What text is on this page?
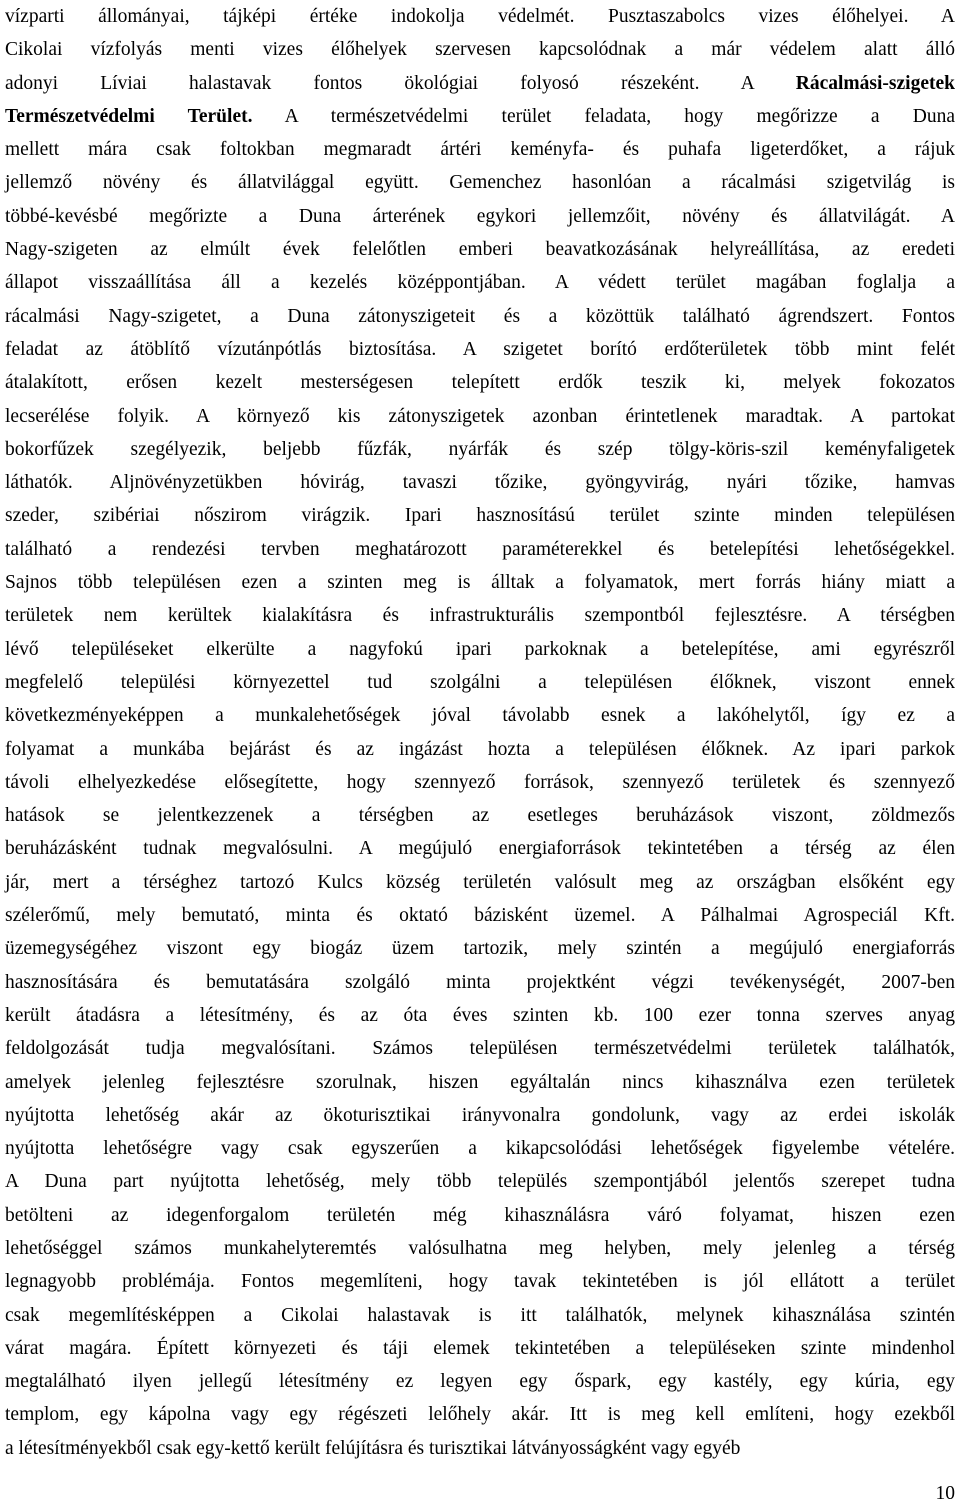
vízparti állományai, tájképi értéke indokolja védelmét. Pusztaszabolcs vizes élőhelyei. A
Cikolai vízfolyás menti vizes élőhelyek szervesen kapcsolódnak a már védelem alatt álló
adonyi Líviai halastavak fontos ökológiai folyosó részeként. A Rácalmási-szigetek
Természetvédelmi Terület. A természetvédelmi terület feladata, hogy megőrizze a Duna
mellett mára csak foltokban megmaradt ártéri keményfa- és puhafa ligeterdőket, a rájuk
jellemző növény és állatvilággal együtt. Gemenchez hasonlóan a rácalmási szigetvilág is
többé-kevésbé megőrizte a Duna árterének egykori jellemzőit, növény és állatvilágát. A
Nagy-szigeten az elmúlt évek felelőtlen emberi beavatkozásának helyreállítása, az eredeti
állapot visszaállítása áll a kezelés középpontjában. A védett terület magában foglalja a
rácalmási Nagy-szigetet, a Duna zátonyszigeteit és a közöttük található ágrendszert. Fontos
feladat az átöblítő vízutánpótlás biztosítása. A szigetet borító erdőterületek több mint felét
átalakított, erősen kezelt mesterségesen telepített erdők teszik ki, melyek fokozatos
lecserélése folyik. A környező kis zátonyszigetek azonban érintetlenek maradtak. A partokat
bokorfűzek szegélyezik, beljebb fűzfák, nyárfák és szép tölgy-köris-szil keményfaligetek
láthatók. Aljnövényzetükben hóvirág, tavaszi tőzike, gyöngyvirág, nyári tőzike, hamvas
szeder, szibériai nőszirom virágzik. Ipari hasznosítású terület szinte minden településen
található a rendezési tervben meghatározott paraméterekkel és betelepítési lehetőségekkel.
Sajnos több településen ezen a szinten meg is álltak a folyamatok, mert forrás hiány miatt a
területek nem kerültek kialakításra és infrastrukturális szempontból fejlesztésre. A térségben
lévő településeket elkerülte a nagyfokú ipari parkoknak a betelepítése, ami egyrészről
megfelelő települési környezettel tud szolgálni a településen élőknek, viszont ennek
következményeképpen a munkalehetőségek jóval távolabb esnek a lakóhelytől, így ez a
folyamat a munkába bejárást és az ingázást hozta a településen élőknek. Az ipari parkok
távoli elhelyezkedése elősegítette, hogy szennyező források, szennyező területek és szennyező
hatások se jelentkezzenek a térségben az esetleges beruházások viszont, zöldmezős
beruházásként tudnak megvalósulni. A megújuló energiaforrások tekintetében a térség az élen
jár, mert a térséghez tartozó Kulcs község területén valósult meg az országban elsőként egy
szélerőmű, mely bemutató, minta és oktató bázisként üzemel. A Pálhalmai Agrospeciál Kft.
üzemegységéhez viszont egy biogáz üzem tartozik, mely szintén a megújuló energiaforrás
hasznosítására és bemutatására szolgáló minta projektként végzi tevékenységét, 2007-ben
került átadásra a létesítmény, és az óta éves szinten kb. 100 ezer tonna szerves anyag
feldolgozását tudja megvalósítani. Számos településen természetvédelmi területek találhatók,
amelyek jelenleg fejlesztésre szorulnak, hiszen egyáltalán nincs kihasználva ezen területek
nyújtotta lehetőség akár az ökoturisztikai irányvonalra gondolunk, vagy az erdei iskolák
nyújtotta lehetőségre vagy csak egyszerűen a kikapcsolódási lehetőségek figyelembe vételére.
A Duna part nyújtotta lehetőség, mely több település szempontjából jelentős szerepet tudna
betölteni az idegenforgalom területén még kihasználásra váró folyamat, hiszen ezen
lehetőséggel számos munkahelyteremtés valósulhatna meg helyben, mely jelenleg a térség
legnagyobb problémája. Fontos megemlíteni, hogy tavak tekintetében is jól ellátott a terület
csak megemlítésképpen a Cikolai halastavak is itt találhatók, melynek kihasználása szintén
várat magára. Épített környezeti és táji elemek tekintetében a településeken szinte mindenhol
megtalálható ilyen jellegű létesítmény ez legyen egy őspark, egy kastély, egy kúria, egy
templom, egy kápolna vagy egy régészeti lelőhely akár. Itt is meg kell említeni, hogy ezekből
a létesítményekből csak egy-kettő került felújításra és turisztikai látványosságként vagy egyéb
10
